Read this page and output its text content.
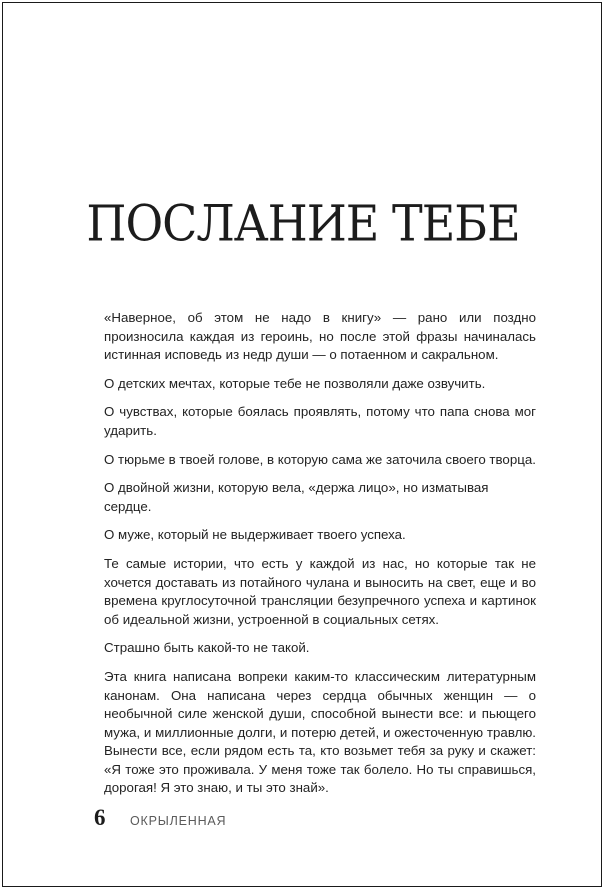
ПОСЛАНИЕ ТЕБЕ

«Наверное, об этом не надо в книгу» — рано или поздно произносила каждая из героинь, но после этой фразы начиналась истинная исповедь из недр души — о потаенном и сакральном.

О детских мечтах, которые тебе не позволяли даже озвучить.

О чувствах, которые боялась проявлять, потому что папа снова мог ударить.

О тюрьме в твоей голове, в которую сама же заточила своего творца.

О двойной жизни, которую вела, «держа лицо», но изматывая сердце.

О муже, который не выдерживает твоего успеха.

Те самые истории, что есть у каждой из нас, но которые так не хочется доставать из потайного чулана и выносить на свет, еще и во времена круглосуточной трансляции безупречного успеха и картинок об идеальной жизни, устроенной в социальных сетях.

Страшно быть какой-то не такой.

Эта книга написана вопреки каким-то классическим литературным канонам. Она написана через сердца обычных женщин — о необычной силе женской души, способной вынести все: и пьющего мужа, и миллионные долги, и потерю детей, и ожесточенную травлю. Вынести все, если рядом есть та, кто возьмет тебя за руку и скажет: «Я тоже это проживала. У меня тоже так болело. Но ты справишься, дорогая! Я это знаю, и ты это знай».

6	ОКРЫЛЕННАЯ
